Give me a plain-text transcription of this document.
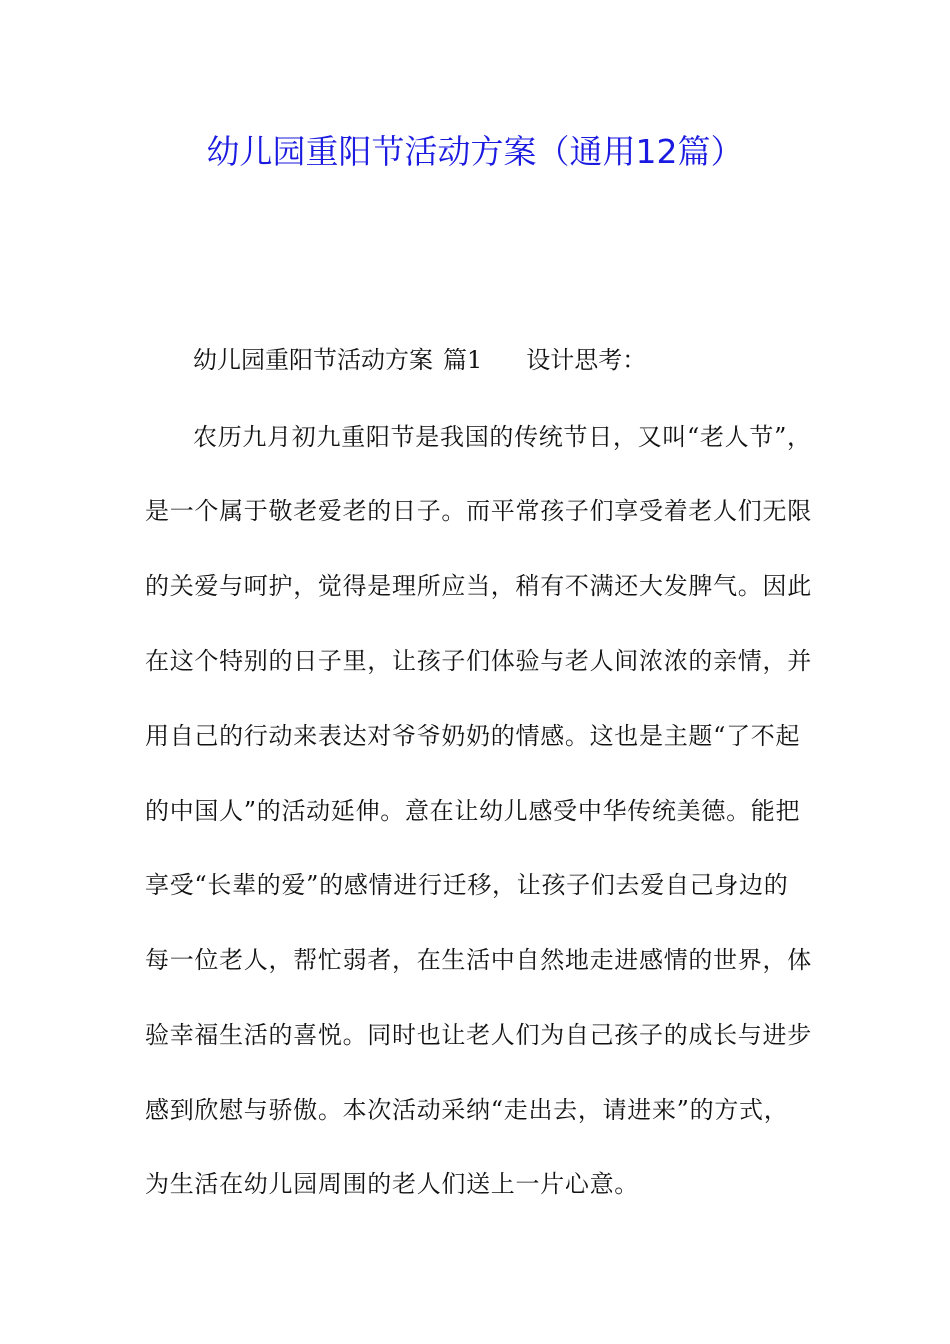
幼儿园重阳节活动方案（通用12篇）
幼儿园重阳节活动方案 篇1 设计思考：
农历九月初九重阳节是我国的传统节日，又叫“老人节”，
是一个属于敬老爱老的日子。而平常孩子们享受着老人们无限
的关爱与呵护，觉得是理所应当，稍有不满还大发脾气。因此
在这个特别的日子里，让孩子们体验与老人间浓浓的亲情，并
用自己的行动来表达对爷爷奶奶的情感。这也是主题“了不起
的中国人”的活动延伸。意在让幼儿感受中华传统美德。能把
享受“长辈的爱”的感情进行迁移，让孩子们去爱自己身边的
每一位老人，帮忙弱者，在生活中自然地走进感情的世界，体
验幸福生活的喜悦。同时也让老人们为自己孩子的成长与进步
感到欣慰与骄傲。本次活动采纳“走出去，请进来”的方式，
为生活在幼儿园周围的老人们送上一片心意。
